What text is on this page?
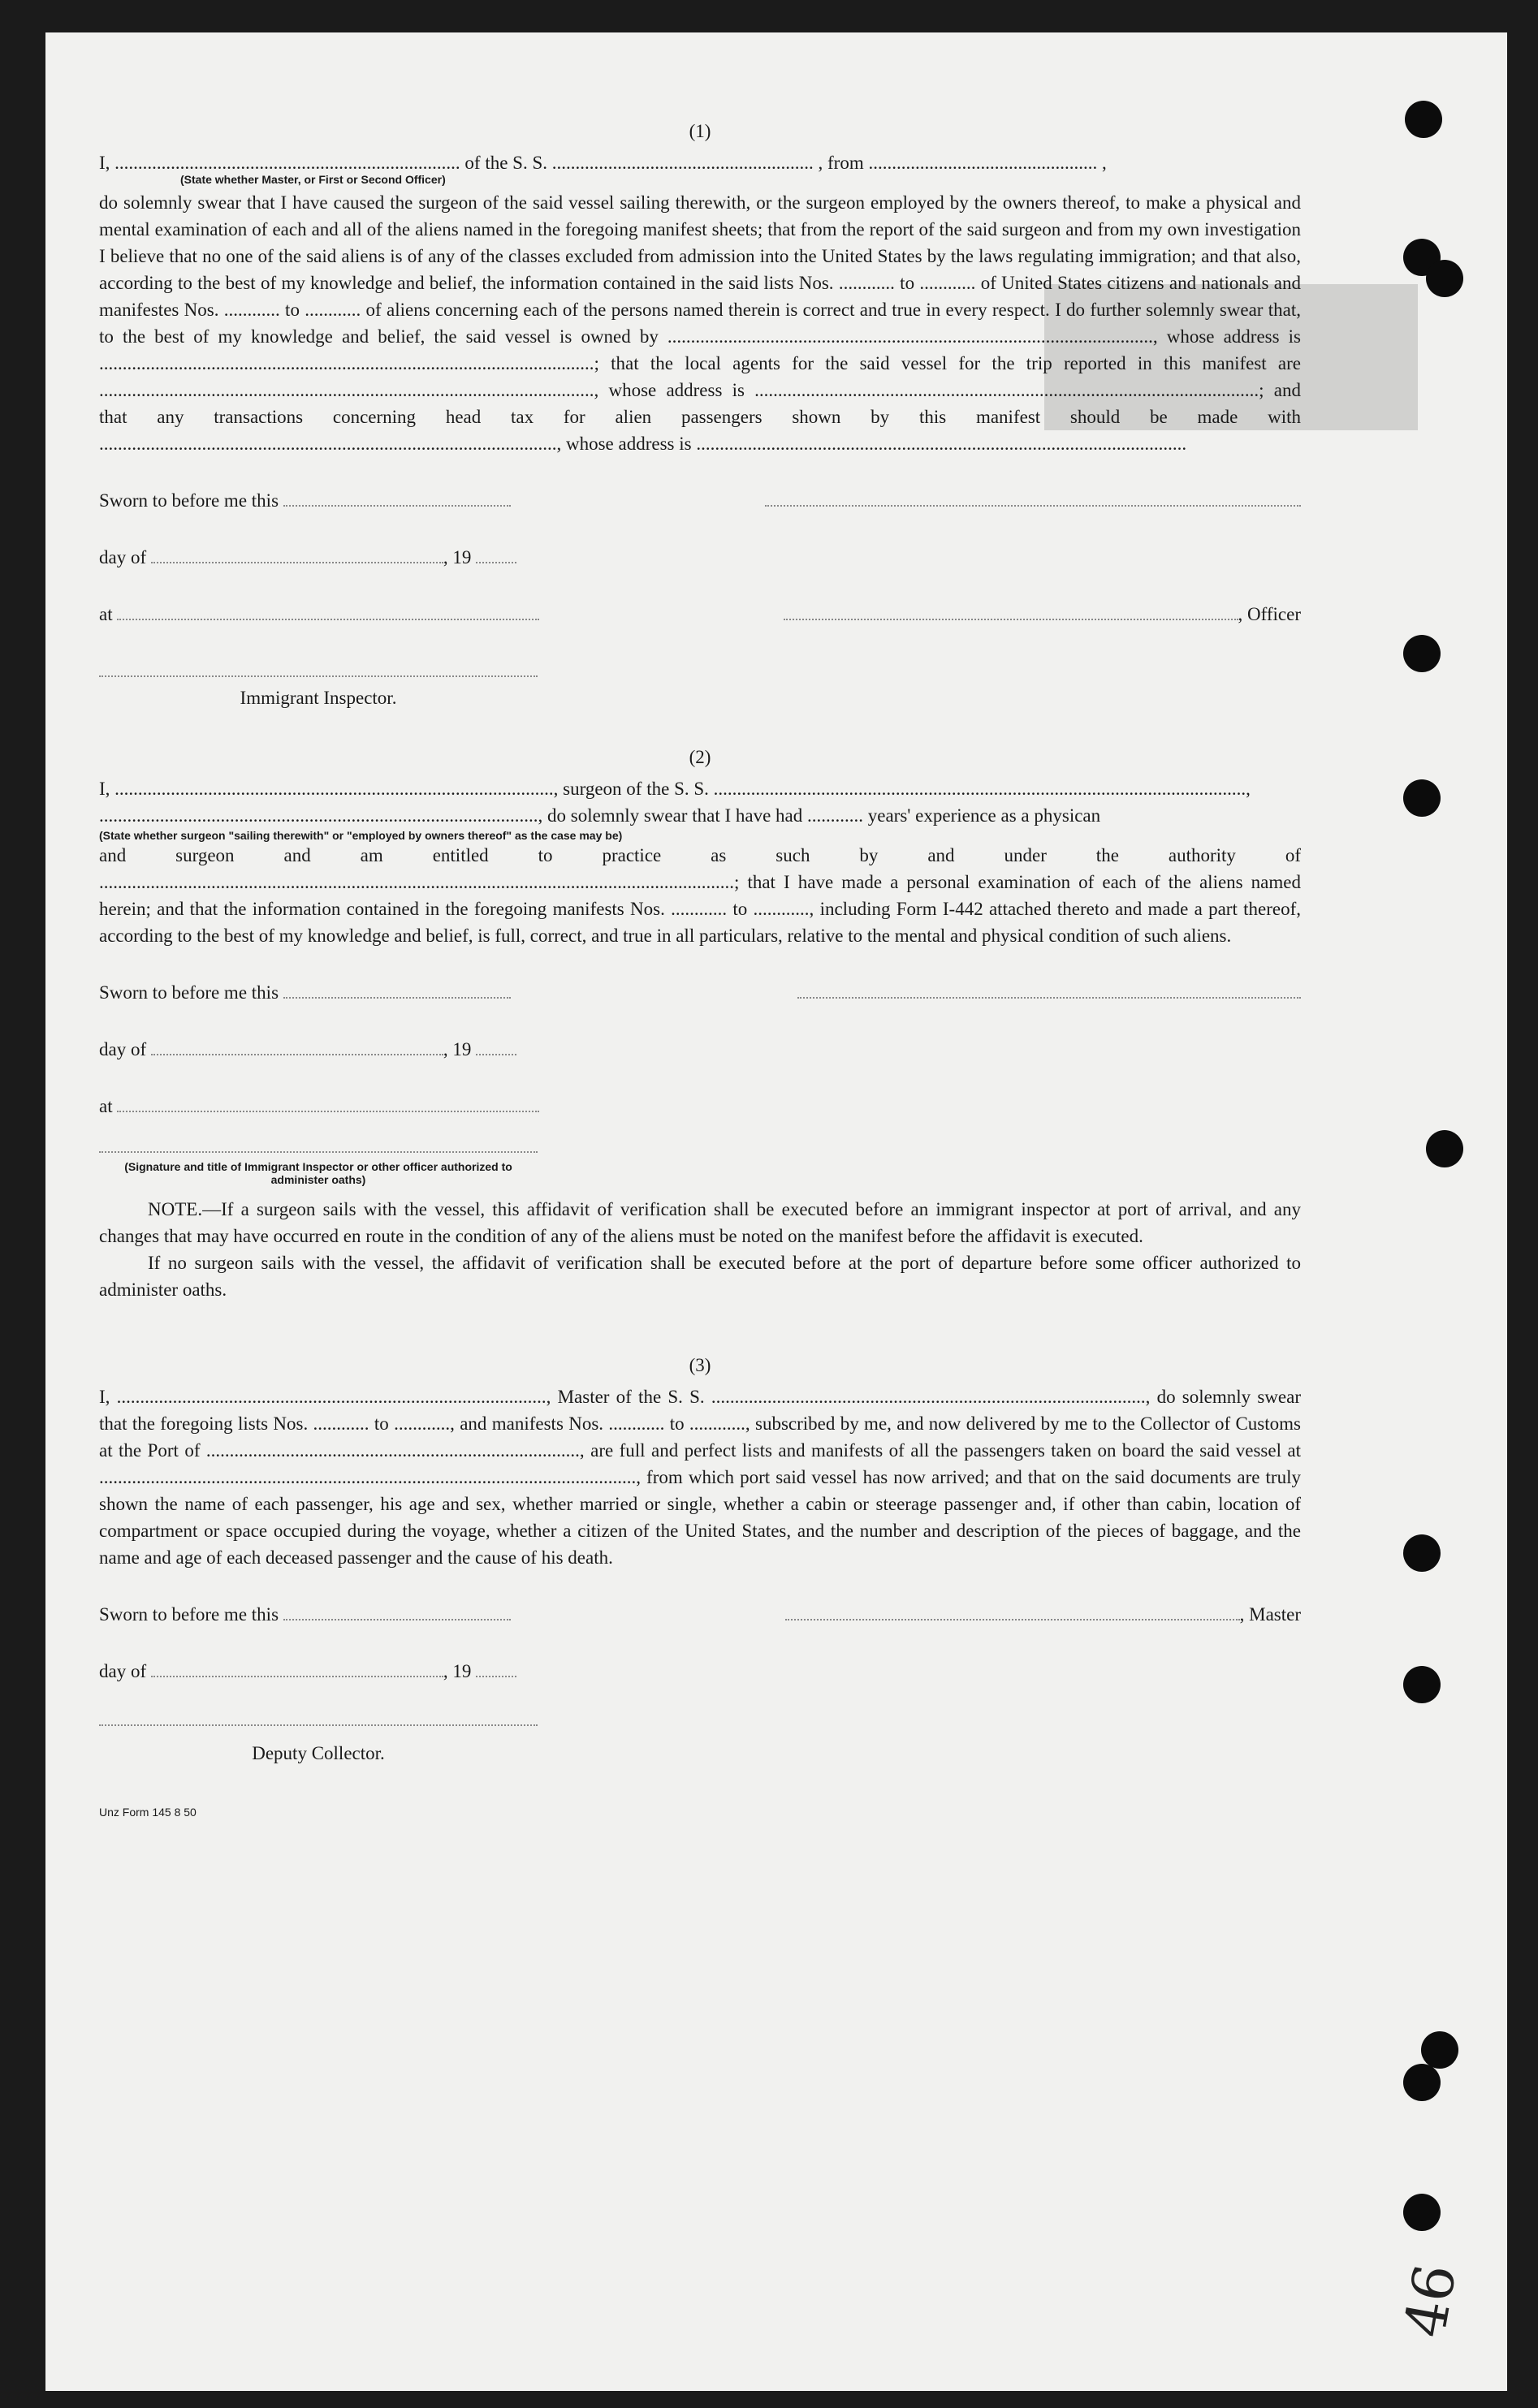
(1)

I, .......................................................................... of the S. S. ........................................................ , from ................................................. ,

(State whether Master, or First or Second Officer)

do solemnly swear that I have caused the surgeon of the said vessel sailing therewith, or the surgeon employed by the owners thereof, to make a physical and mental examination of each and all of the aliens named in the foregoing manifest sheets; that from the report of the said surgeon and from my own investigation I believe that no one of the said aliens is of any of the classes excluded from admission into the United States by the laws regulating immigration; and that also, according to the best of my knowledge and belief, the information contained in the said lists Nos. ............ to ............ of United States citizens and nationals and manifestes Nos. ............ to ............ of aliens concerning each of the persons named therein is correct and true in every respect. I do further solemnly swear that, to the best of my knowledge and belief, the said vessel is owned by ........................................................................................................, whose address is ..........................................................................................................; that the local agents for the said vessel for the trip reported in this manifest are .........................................................................................................., whose address is ............................................................................................................; and that any transactions concerning head tax for alien passengers shown by this manifest should be made with .................................................................................................., whose address is .........................................................................................................

Sworn to before me this
day of	, 19
at	, Officer
Immigrant Inspector.
(2)

I, .............................................................................................., surgeon of the S. S. ..................................................................................................................,

.............................................................................................., do solemnly swear that I have had ............ years' experience as a physican

(State whether surgeon "sailing therewith" or "employed by owners thereof" as the case may be)

and surgeon and am entitled to practice as such by and under the authority of ........................................................................................................................................; that I have made a personal examination of each of the aliens named herein; and that the information contained in the foregoing manifests Nos. ............ to ............, including Form I-442 attached thereto and made a part thereof, according to the best of my knowledge and belief, is full, correct, and true in all particulars, relative to the mental and physical condition of such aliens.

Sworn to before me this
day of	, 19
at
(Signature and title of Immigrant Inspector or other officer authorized to administer oaths)

NOTE.—If a surgeon sails with the vessel, this affidavit of verification shall be executed before an immigrant inspector at port of arrival, and any changes that may have occurred en route in the condition of any of the aliens must be noted on the manifest before the affidavit is executed.

If no surgeon sails with the vessel, the affidavit of verification shall be executed before at the port of departure before some officer authorized to administer oaths.

(3)

I, ............................................................................................, Master of the S. S. ............................................................................................., do solemnly swear that the foregoing lists Nos. ............ to ............, and manifests Nos. ............ to ............, subscribed by me, and now delivered by me to the Collector of Customs at the Port of ................................................................................, are full and perfect lists and manifests of all the passengers taken on board the said vessel at ..................................................................................................................., from which port said vessel has now arrived; and that on the said documents are truly shown the name of each passenger, his age and sex, whether married or single, whether a cabin or steerage passenger and, if other than cabin, location of compartment or space occupied during the voyage, whether a citizen of the United States, and the number and description of the pieces of baggage, and the name and age of each deceased passenger and the cause of his death.

Sworn to before me this	, Master
day of	, 19
Deputy Collector.
Unz Form 145 8 50
46
